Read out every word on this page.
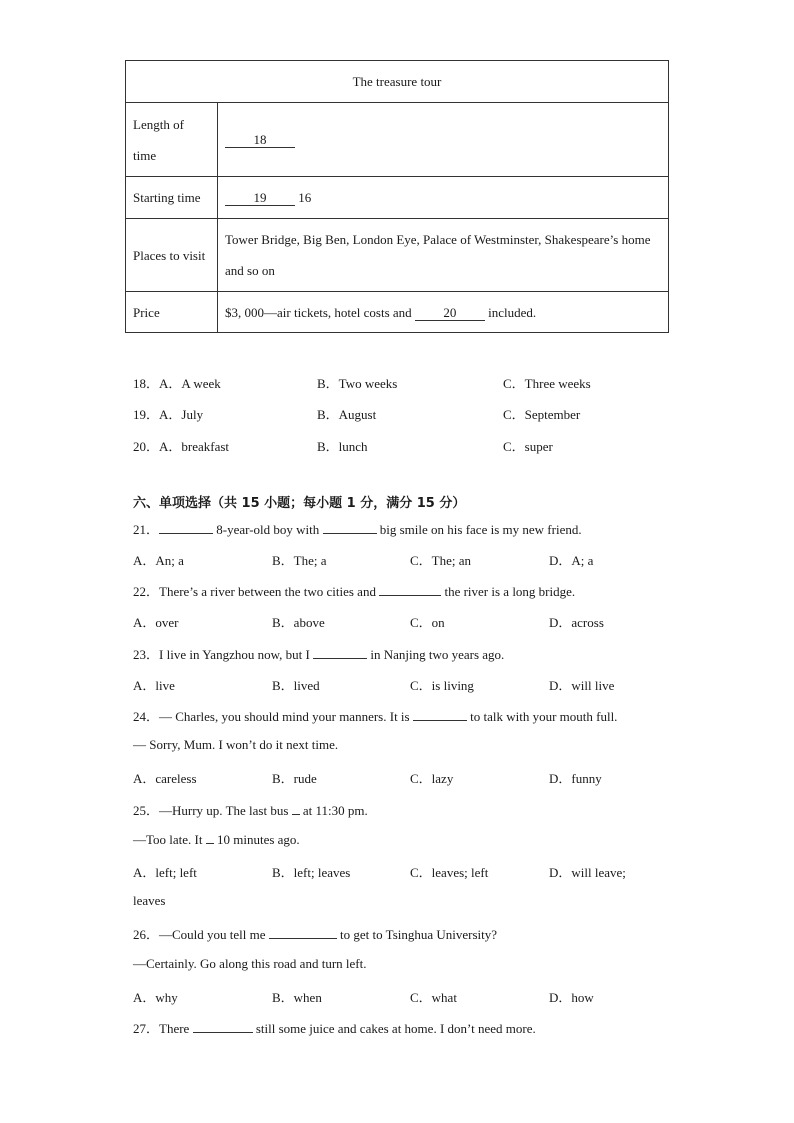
The treasure tour	
Length of time	18
Starting time	19 16
Places to visit	Tower Bridge, Big Ben, London Eye, Palace of Westminster, Shakespeare’s home and so on
Price	$3, 000—air tickets, hotel costs and 20 included.
18．A．A week	B．Two weeks	C．Three weeks
19．A．July	B．August	C．September
20．A．breakfast	B．lunch	C．super
六、单项选择（共 15 小题；每小题 1 分，满分 15 分）
21．	8-year-old boy with	big smile on his face is my new friend.
A．An; a	B．The; a	C．The; an	D．A; a
22．There’s a river between the two cities and	the river is a long bridge.
A．over	B．above	C．on	D．across
23．I live in Yangzhou now, but I	in Nanjing two years ago.
A．live	B．lived	C．is living	D．will live
24．— Charles, you should mind your manners. It is	to talk with your mouth full.
— Sorry, Mum. I won’t do it next time.
A．careless	B．rude	C．lazy	D．funny
25．—Hurry up. The last bus at 11:30 pm.
—Too late. It 10 minutes ago.
A．left; left	B．left; leaves	C．leaves; left	D．will leave;
leaves
26．—Could you tell me	to get to Tsinghua University?
—Certainly. Go along this road and turn left.
A．why	B．when	C．what	D．how
27．There	still some juice and cakes at home. I don’t need more.
